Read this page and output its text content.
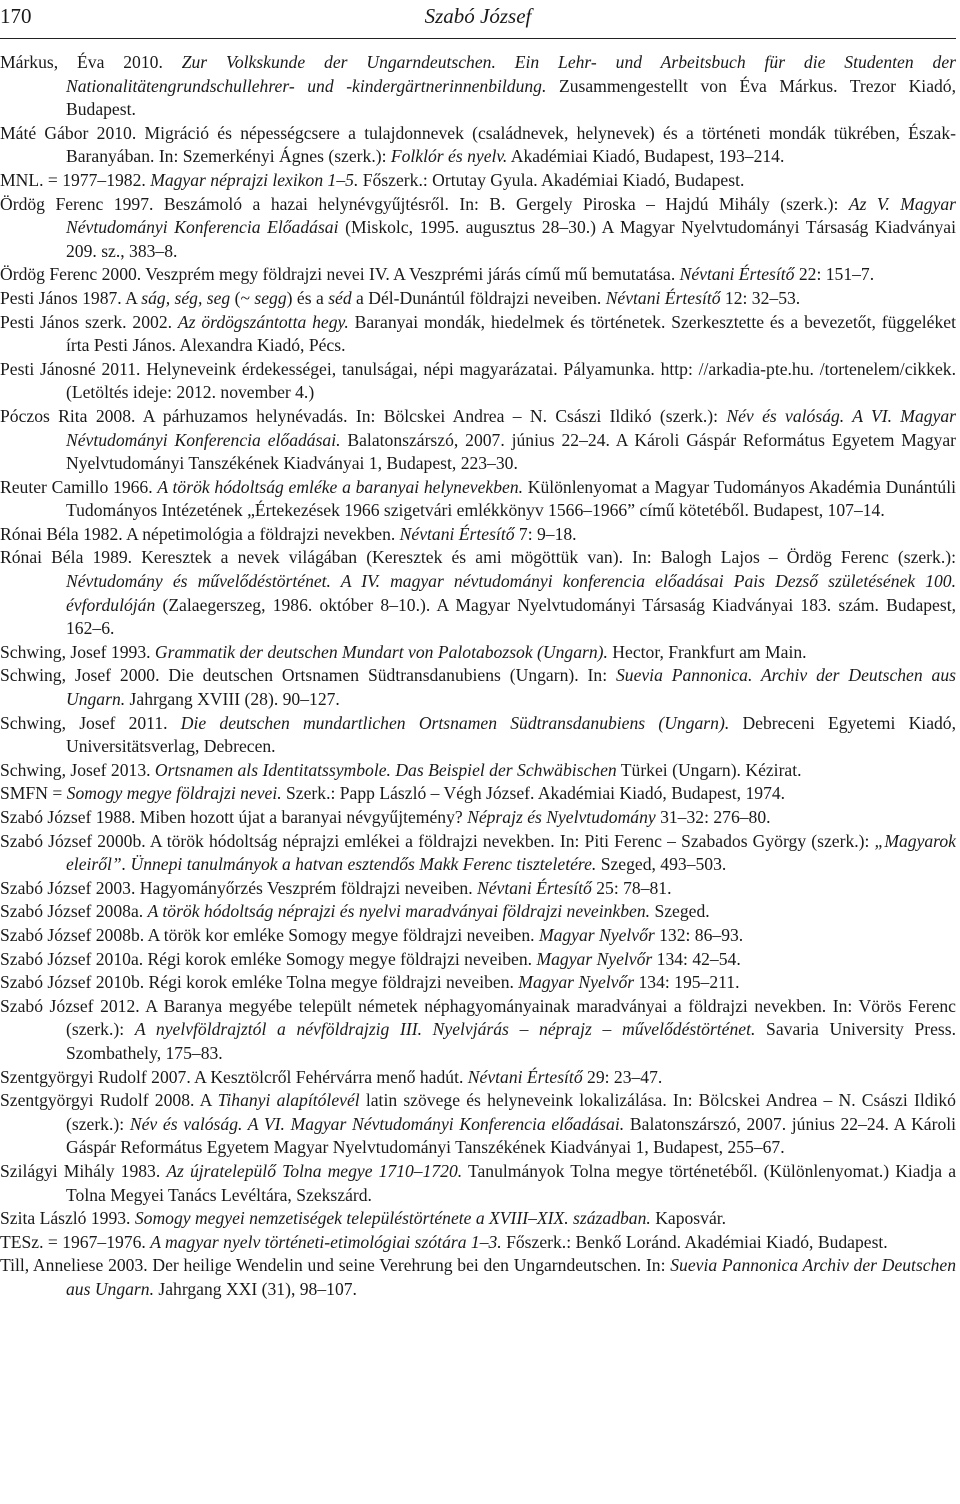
170	Szabó József

Márkus, Éva 2010. Zur Volkskunde der Ungarndeutschen. Ein Lehr- und Arbeitsbuch für die Studenten der Nationalitätengrundschullehrer- und -kindergärtnerinnenbildung. Zusammengestellt von Éva Márkus. Trezor Kiadó, Budapest.

Máté Gábor 2010. Migráció és népességcsere a tulajdonnevek (családnevek, helynevek) és a történeti mondák tükrében, Észak-Baranyában. In: Szemerkényi Ágnes (szerk.): Folklór és nyelv. Akadémiai Kiadó, Budapest, 193–214.

MNL. = 1977–1982. Magyar néprajzi lexikon 1–5. Főszerk.: Ortutay Gyula. Akadémiai Kiadó, Budapest.

Ördög Ferenc 1997. Beszámoló a hazai helynévgyűjtésről. In: B. Gergely Piroska – Hajdú Mihály (szerk.): Az V. Magyar Névtudományi Konferencia Előadásai (Miskolc, 1995. augusztus 28–30.) A Magyar Nyelvtudományi Társaság Kiadványai 209. sz., 383–8.

Ördög Ferenc 2000. Veszprém megy földrajzi nevei IV. A Veszprémi járás című mű bemutatása. Névtani Értesítő 22: 151–7.

Pesti János 1987. A ság, ség, seg (~ segg) és a séd a Dél-Dunántúl földrajzi neveiben. Névtani Értesítő 12: 32–53.

Pesti János szerk. 2002. Az ördögszántotta hegy. Baranyai mondák, hiedelmek és történetek. Szerkesztette és a bevezetőt, függeléket írta Pesti János. Alexandra Kiadó, Pécs.

Pesti Jánosné 2011. Helyneveink érdekességei, tanulságai, népi magyarázatai. Pályamunka. http: //arkadia-pte.hu. /tortenelem/cikkek. (Letöltés ideje: 2012. november 4.)

Póczos Rita 2008. A párhuzamos helynévadás. In: Bölcskei Andrea – N. Császi Ildikó (szerk.): Név és valóság. A VI. Magyar Névtudományi Konferencia előadásai. Balatonszárszó, 2007. június 22–24. A Károli Gáspár Református Egyetem Magyar Nyelvtudományi Tanszékének Kiadványai 1, Budapest, 223–30.

Reuter Camillo 1966. A török hódoltság emléke a baranyai helynevekben. Különlenyomat a Magyar Tudományos Akadémia Dunántúli Tudományos Intézetének „Értekezések 1966 szigetvári emlékkönyv 1566–1966” című kötetéből. Budapest, 107–14.

Rónai Béla 1982. A népetimológia a földrajzi nevekben. Névtani Értesítő 7: 9–18.

Rónai Béla 1989. Keresztek a nevek világában (Keresztek és ami mögöttük van). In: Balogh Lajos – Ördög Ferenc (szerk.): Névtudomány és művelődéstörténet. A IV. magyar névtudományi konferencia előadásai Pais Dezső születésének 100. évfordulóján (Zalaegerszeg, 1986. október 8–10.). A Magyar Nyelvtudományi Társaság Kiadványai 183. szám. Budapest, 162–6.

Schwing, Josef 1993. Grammatik der deutschen Mundart von Palotabozsok (Ungarn). Hector, Frankfurt am Main.

Schwing, Josef 2000. Die deutschen Ortsnamen Südtransdanubiens (Ungarn). In: Suevia Pannonica. Archiv der Deutschen aus Ungarn. Jahrgang XVIII (28). 90–127.

Schwing, Josef 2011. Die deutschen mundartlichen Ortsnamen Südtransdanubiens (Ungarn). Debreceni Egyetemi Kiadó, Universitätsverlag, Debrecen.

Schwing, Josef 2013. Ortsnamen als Identitatssymbole. Das Beispiel der Schwäbischen Türkei (Ungarn). Kézirat.

SMFN = Somogy megye földrajzi nevei. Szerk.: Papp László – Végh József. Akadémiai Kiadó, Budapest, 1974.

Szabó József 1988. Miben hozott újat a baranyai névgyűjtemény? Néprajz és Nyelvtudomány 31–32: 276–80.

Szabó József 2000b. A török hódoltság néprajzi emlékei a földrajzi nevekben. In: Piti Ferenc – Szabados György (szerk.): „Magyarok eleiről”. Ünnepi tanulmányok a hatvan esztendős Makk Ferenc tiszteletére. Szeged, 493–503.

Szabó József 2003. Hagyományőrzés Veszprém földrajzi neveiben. Névtani Értesítő 25: 78–81.

Szabó József 2008a. A török hódoltság néprajzi és nyelvi maradványai földrajzi neveinkben. Szeged.

Szabó József 2008b. A török kor emléke Somogy megye földrajzi neveiben. Magyar Nyelvőr 132: 86–93.

Szabó József 2010a. Régi korok emléke Somogy megye földrajzi neveiben. Magyar Nyelvőr 134: 42–54.

Szabó József 2010b. Régi korok emléke Tolna megye földrajzi neveiben. Magyar Nyelvőr 134: 195–211.

Szabó József 2012. A Baranya megyébe települt németek néphagyományainak maradványai a földrajzi nevekben. In: Vörös Ferenc (szerk.): A nyelvföldrajztól a névföldrajzig III. Nyelvjárás – néprajz – művelődéstörténet. Savaria University Press. Szombathely, 175–83.

Szentgyörgyi Rudolf 2007. A Kesztölcről Fehérvárra menő hadút. Névtani Értesítő 29: 23–47.

Szentgyörgyi Rudolf 2008. A Tihanyi alapítólevél latin szövege és helyneveink lokalizálása. In: Bölcskei Andrea – N. Császi Ildikó (szerk.): Név és valóság. A VI. Magyar Névtudományi Konferencia előadásai. Balatonszárszó, 2007. június 22–24. A Károli Gáspár Református Egyetem Magyar Nyelvtudományi Tanszékének Kiadványai 1, Budapest, 255–67.

Szilágyi Mihály 1983. Az újratelepülő Tolna megye 1710–1720. Tanulmányok Tolna megye történetéből. (Különlenyomat.) Kiadja a Tolna Megyei Tanács Levéltára, Szekszárd.

Szita László 1993. Somogy megyei nemzetiségek településtörténete a XVIII–XIX. században. Kaposvár.

TESz. = 1967–1976. A magyar nyelv történeti-etimológiai szótára 1–3. Főszerk.: Benkő Loránd. Akadémiai Kiadó, Budapest.

Till, Anneliese 2003. Der heilige Wendelin und seine Verehrung bei den Ungarndeutschen. In: Suevia Pannonica Archiv der Deutschen aus Ungarn. Jahrgang XXI (31), 98–107.
